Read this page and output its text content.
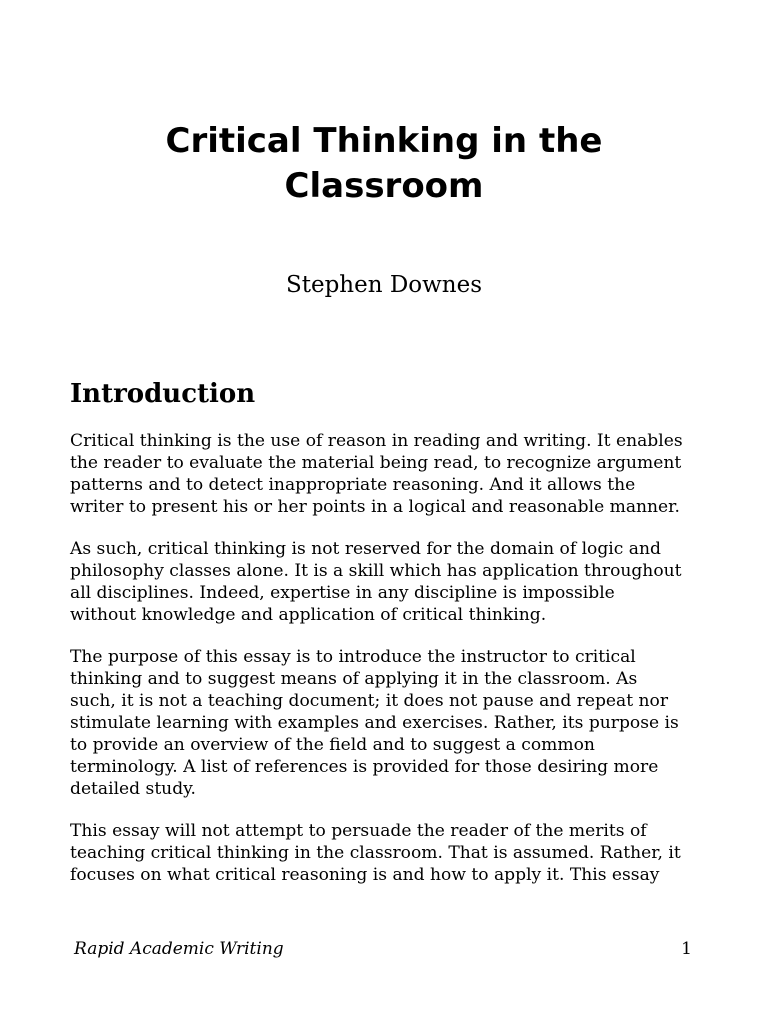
Critical Thinking in the
Classroom
Stephen Downes
Introduction

Critical thinking is the use of reason in reading and writing. It enables
the reader to evaluate the material being read, to recognize argument
patterns and to detect inappropriate reasoning. And it allows the
writer to present his or her points in a logical and reasonable manner.

As such, critical thinking is not reserved for the domain of logic and
philosophy classes alone. It is a skill which has application throughout
all disciplines. Indeed, expertise in any discipline is impossible
without knowledge and application of critical thinking.

The purpose of this essay is to introduce the instructor to critical
thinking and to suggest means of applying it in the classroom. As
such, it is not a teaching document; it does not pause and repeat nor
stimulate learning with examples and exercises. Rather, its purpose is
to provide an overview of the field and to suggest a common
terminology. A list of references is provided for those desiring more
detailed study.

This essay will not attempt to persuade the reader of the merits of
teaching critical thinking in the classroom. That is assumed. Rather, it
focuses on what critical reasoning is and how to apply it. This essay

Rapid Academic Writing	1
